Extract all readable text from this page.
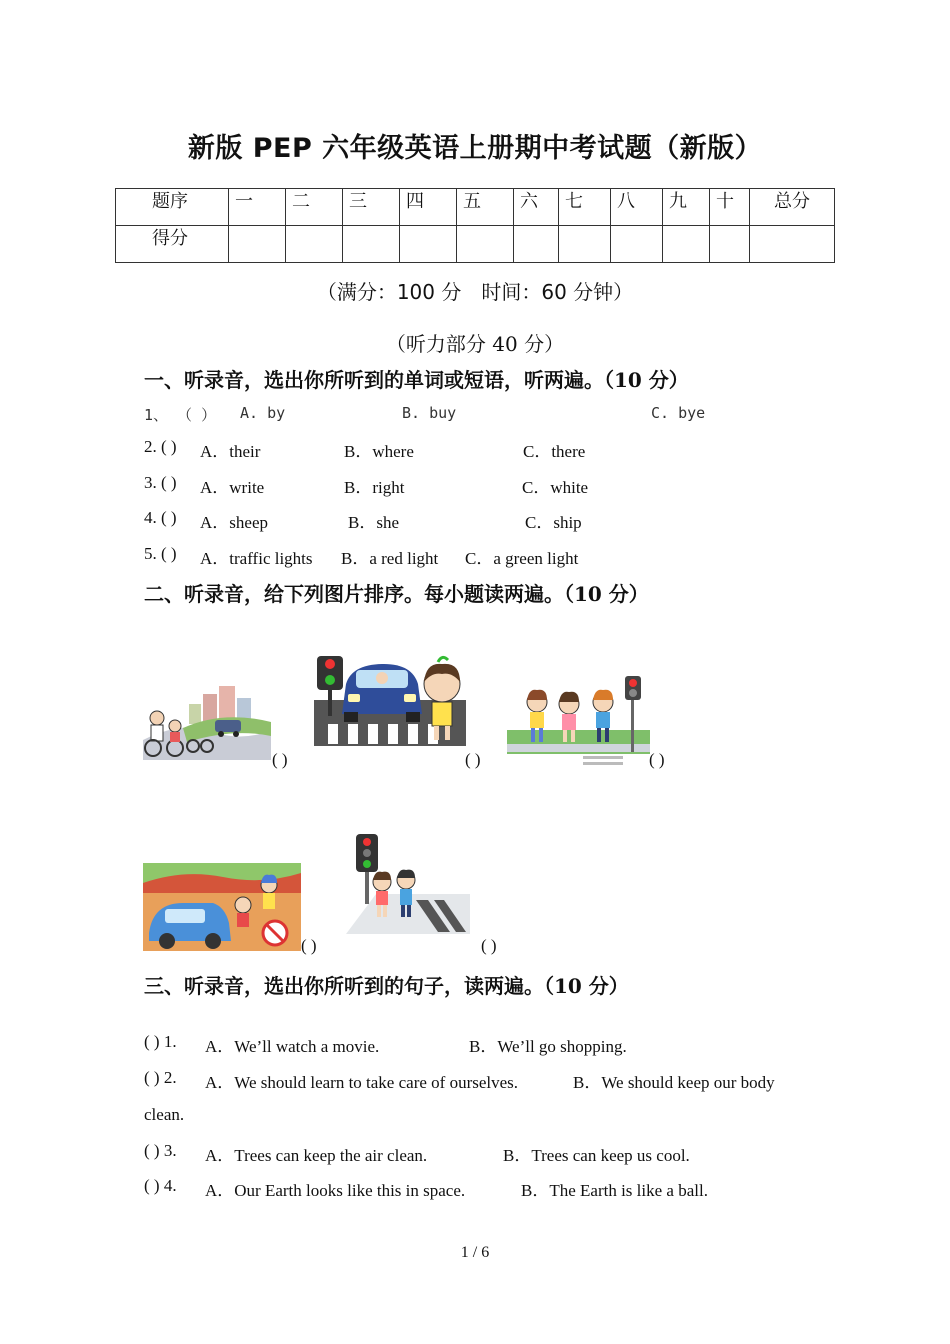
新版 PEP 六年级英语上册期中考试题（新版）
题序	一	二	三	四	五	六	七	八	九	十	总分
得分											
（满分：100 分　时间：60 分钟）
（听力部分 40 分）
一、听录音，选出你所听到的单词或短语，听两遍。（10 分）
1、 （ ） A. by	B. buy	C. bye
2. ( ) A．their	B．where	C．there
3. ( ) A．write	B．right	C．white
4. ( ) A．sheep	B．she	C．ship
5. ( ) A．traffic lights B．a red light C．a green light
二、听录音，给下列图片排序。每小题读两遍。（10 分）
( )	( )	( )
( )	( )
三、听录音，选出你所听到的句子，读两遍。（10 分）
( ) 1. A．We’ll watch a movie.	B．We’ll go shopping.
( ) 2. A．We should learn to take care of ourselves.	B．We should keep our body
clean.
( ) 3. A．Trees can keep the air clean.	B．Trees can keep us cool.
( ) 4. A．Our Earth looks like this in space.	B．The Earth is like a ball.
1 / 6
